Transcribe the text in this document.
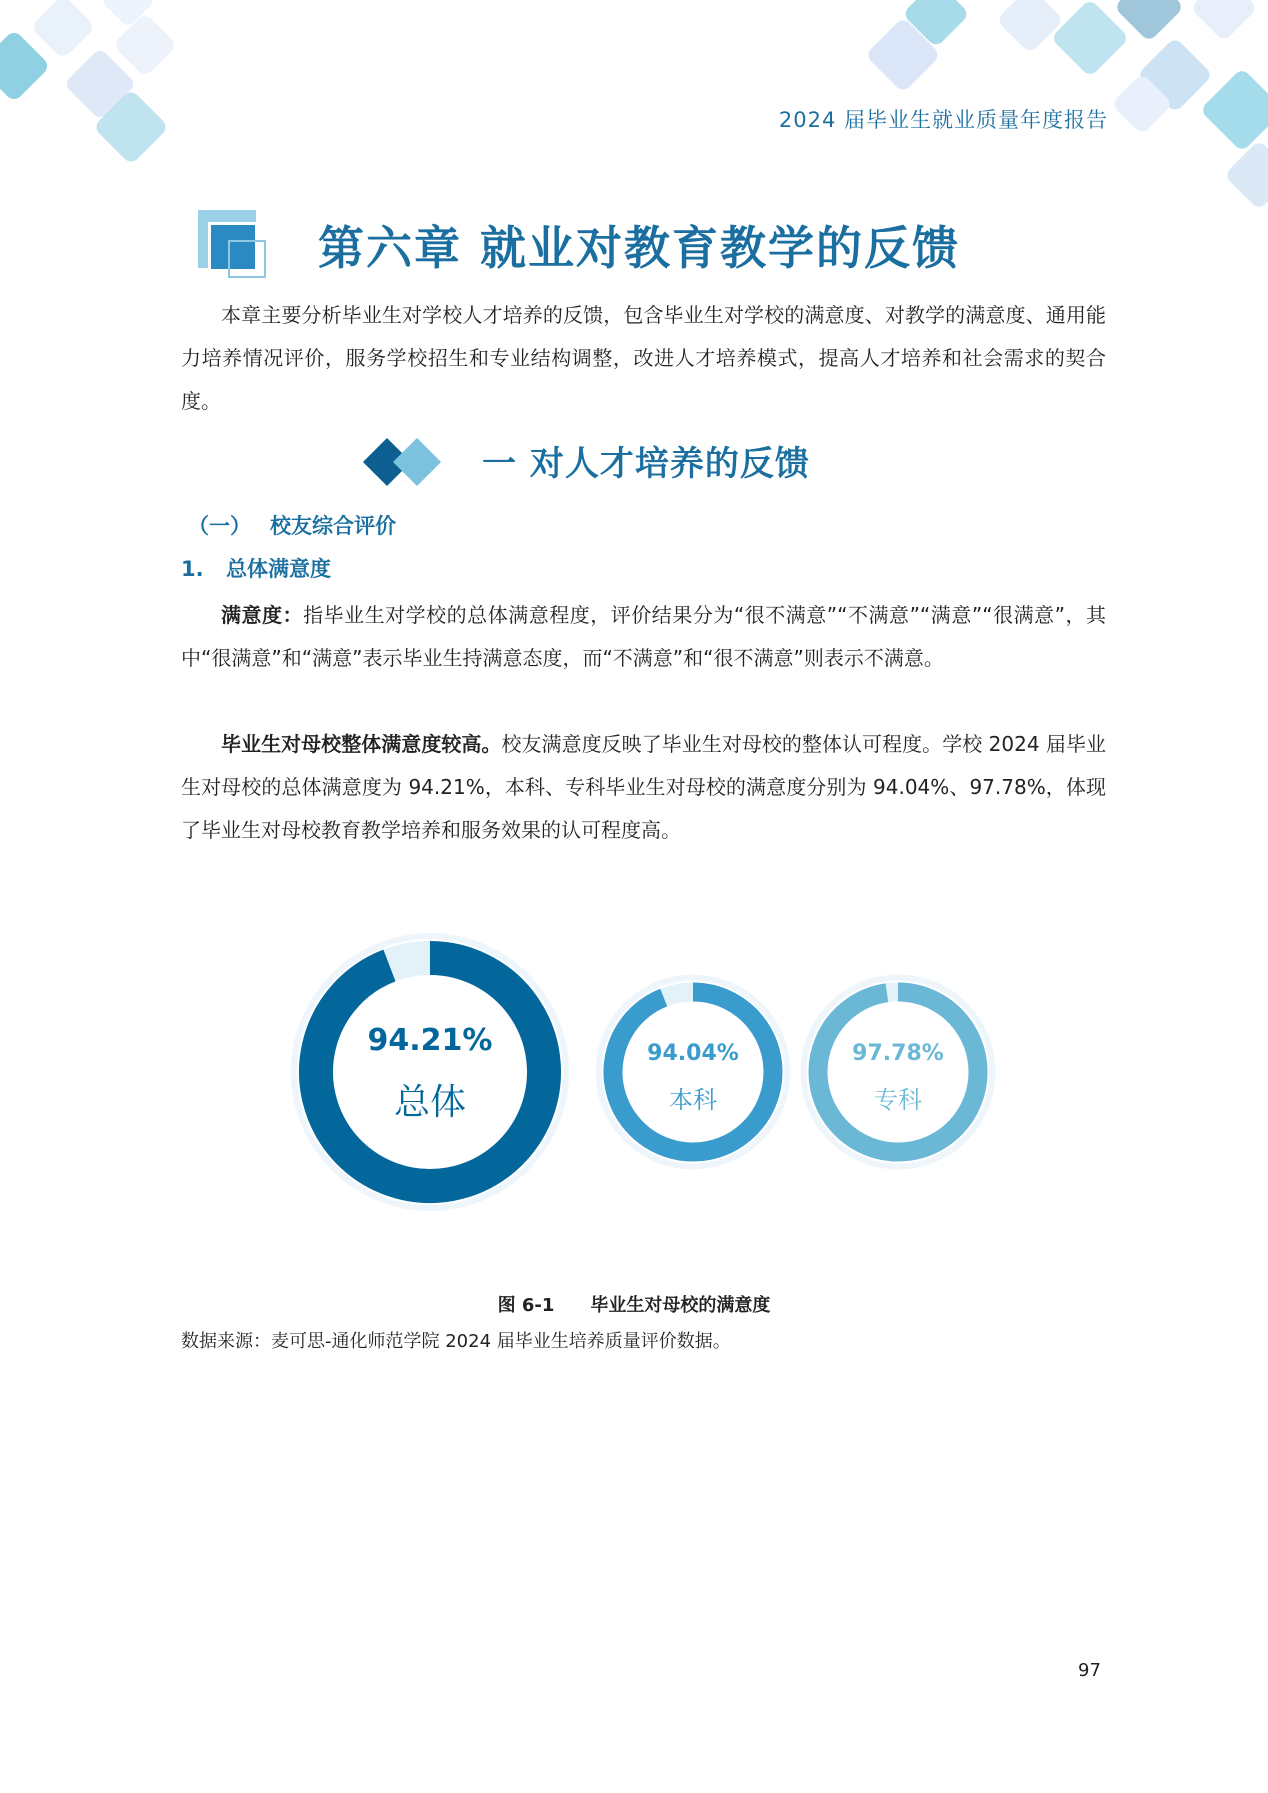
2024 届毕业生就业质量年度报告
第六章 就业对教育教学的反馈
本章主要分析毕业生对学校人才培养的反馈，包含毕业生对学校的满意度、对教学的满意度、通用能力培养情况评价，服务学校招生和专业结构调整，改进人才培养模式，提高人才培养和社会需求的契合度。
一 对人才培养的反馈
（一） 校友综合评价
1. 总体满意度
满意度：指毕业生对学校的总体满意程度，评价结果分为“很不满意”“不满意”“满意”“很满意”，其中“很满意”和“满意”表示毕业生持满意态度，而“不满意”和“很不满意”则表示不满意。
毕业生对母校整体满意度较高。校友满意度反映了毕业生对母校的整体认可程度。学校 2024 届毕业生对母校的总体满意度为 94.21%，本科、专科毕业生对母校的满意度分别为 94.04%、97.78%，体现了毕业生对母校教育教学培养和服务效果的认可程度高。
94.21%
总体
94.04%
本科
97.78%
专科
图 6-1 毕业生对母校的满意度
数据来源：麦可思-通化师范学院 2024 届毕业生培养质量评价数据。
97
